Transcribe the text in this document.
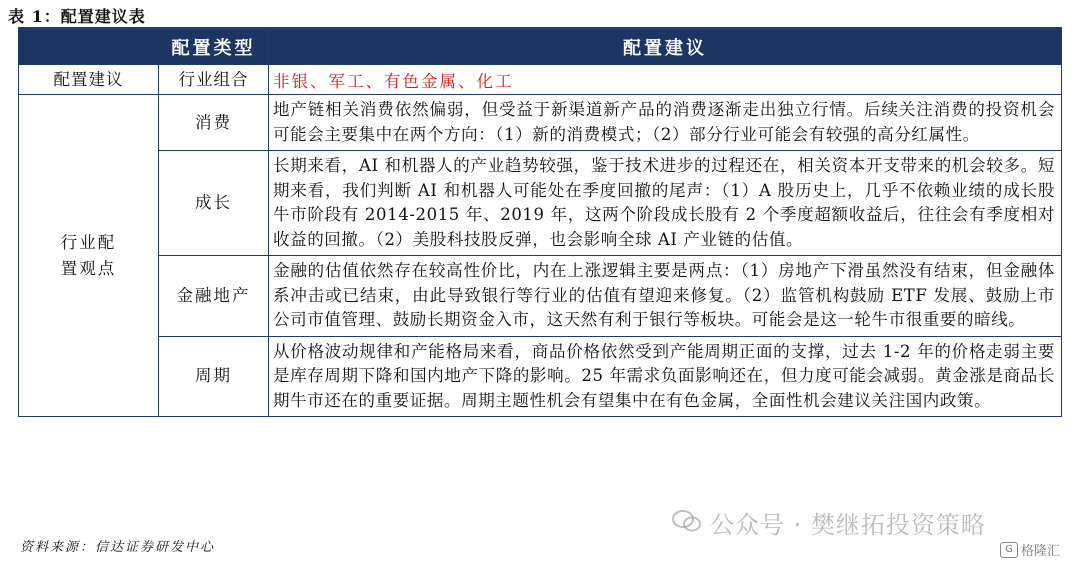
表 1：配置建议表
	配置类型	配置建议
配置建议	行业组合	非银、军工、有色金属、化工

行业配置观点	消费	地产链相关消费依然偏弱，但受益于新渠道新产品的消费逐渐走出独立行情。后续关注消费的投资机会可能会主要集中在两个方向：（1）新的消费模式；（2）部分行业可能会有较强的高分红属性。
	成长	长期来看，AI 和机器人的产业趋势较强，鉴于技术进步的过程还在，相关资本开支带来的机会较多。短期来看，我们判断 AI 和机器人可能处在季度回撤的尾声：（1）A 股历史上，几乎不依赖业绩的成长股牛市阶段有 2014-2015 年、2019 年，这两个阶段成长股有 2 个季度超额收益后，往往会有季度相对收益的回撤。（2）美股科技股反弹，也会影响全球 AI 产业链的估值。
	金融地产	金融的估值依然存在较高性价比，内在上涨逻辑主要是两点：（1）房地产下滑虽然没有结束，但金融体系冲击或已结束，由此导致银行等行业的估值有望迎来修复。（2）监管机构鼓励 ETF 发展、鼓励上市公司市值管理、鼓励长期资金入市，这天然有利于银行等板块。可能会是这一轮牛市很重要的暗线。
	周期	从价格波动规律和产能格局来看，商品价格依然受到产能周期正面的支撑，过去 1-2 年的价格走弱主要是库存周期下降和国内地产下降的影响。25 年需求负面影响还在，但力度可能会减弱。黄金涨是商品长期牛市还在的重要证据。周期主题性机会有望集中在有色金属，全面性机会建议关注国内政策。
公众号 · 樊继拓投资策略
资料来源：信达证券研发中心	G 格隆汇
